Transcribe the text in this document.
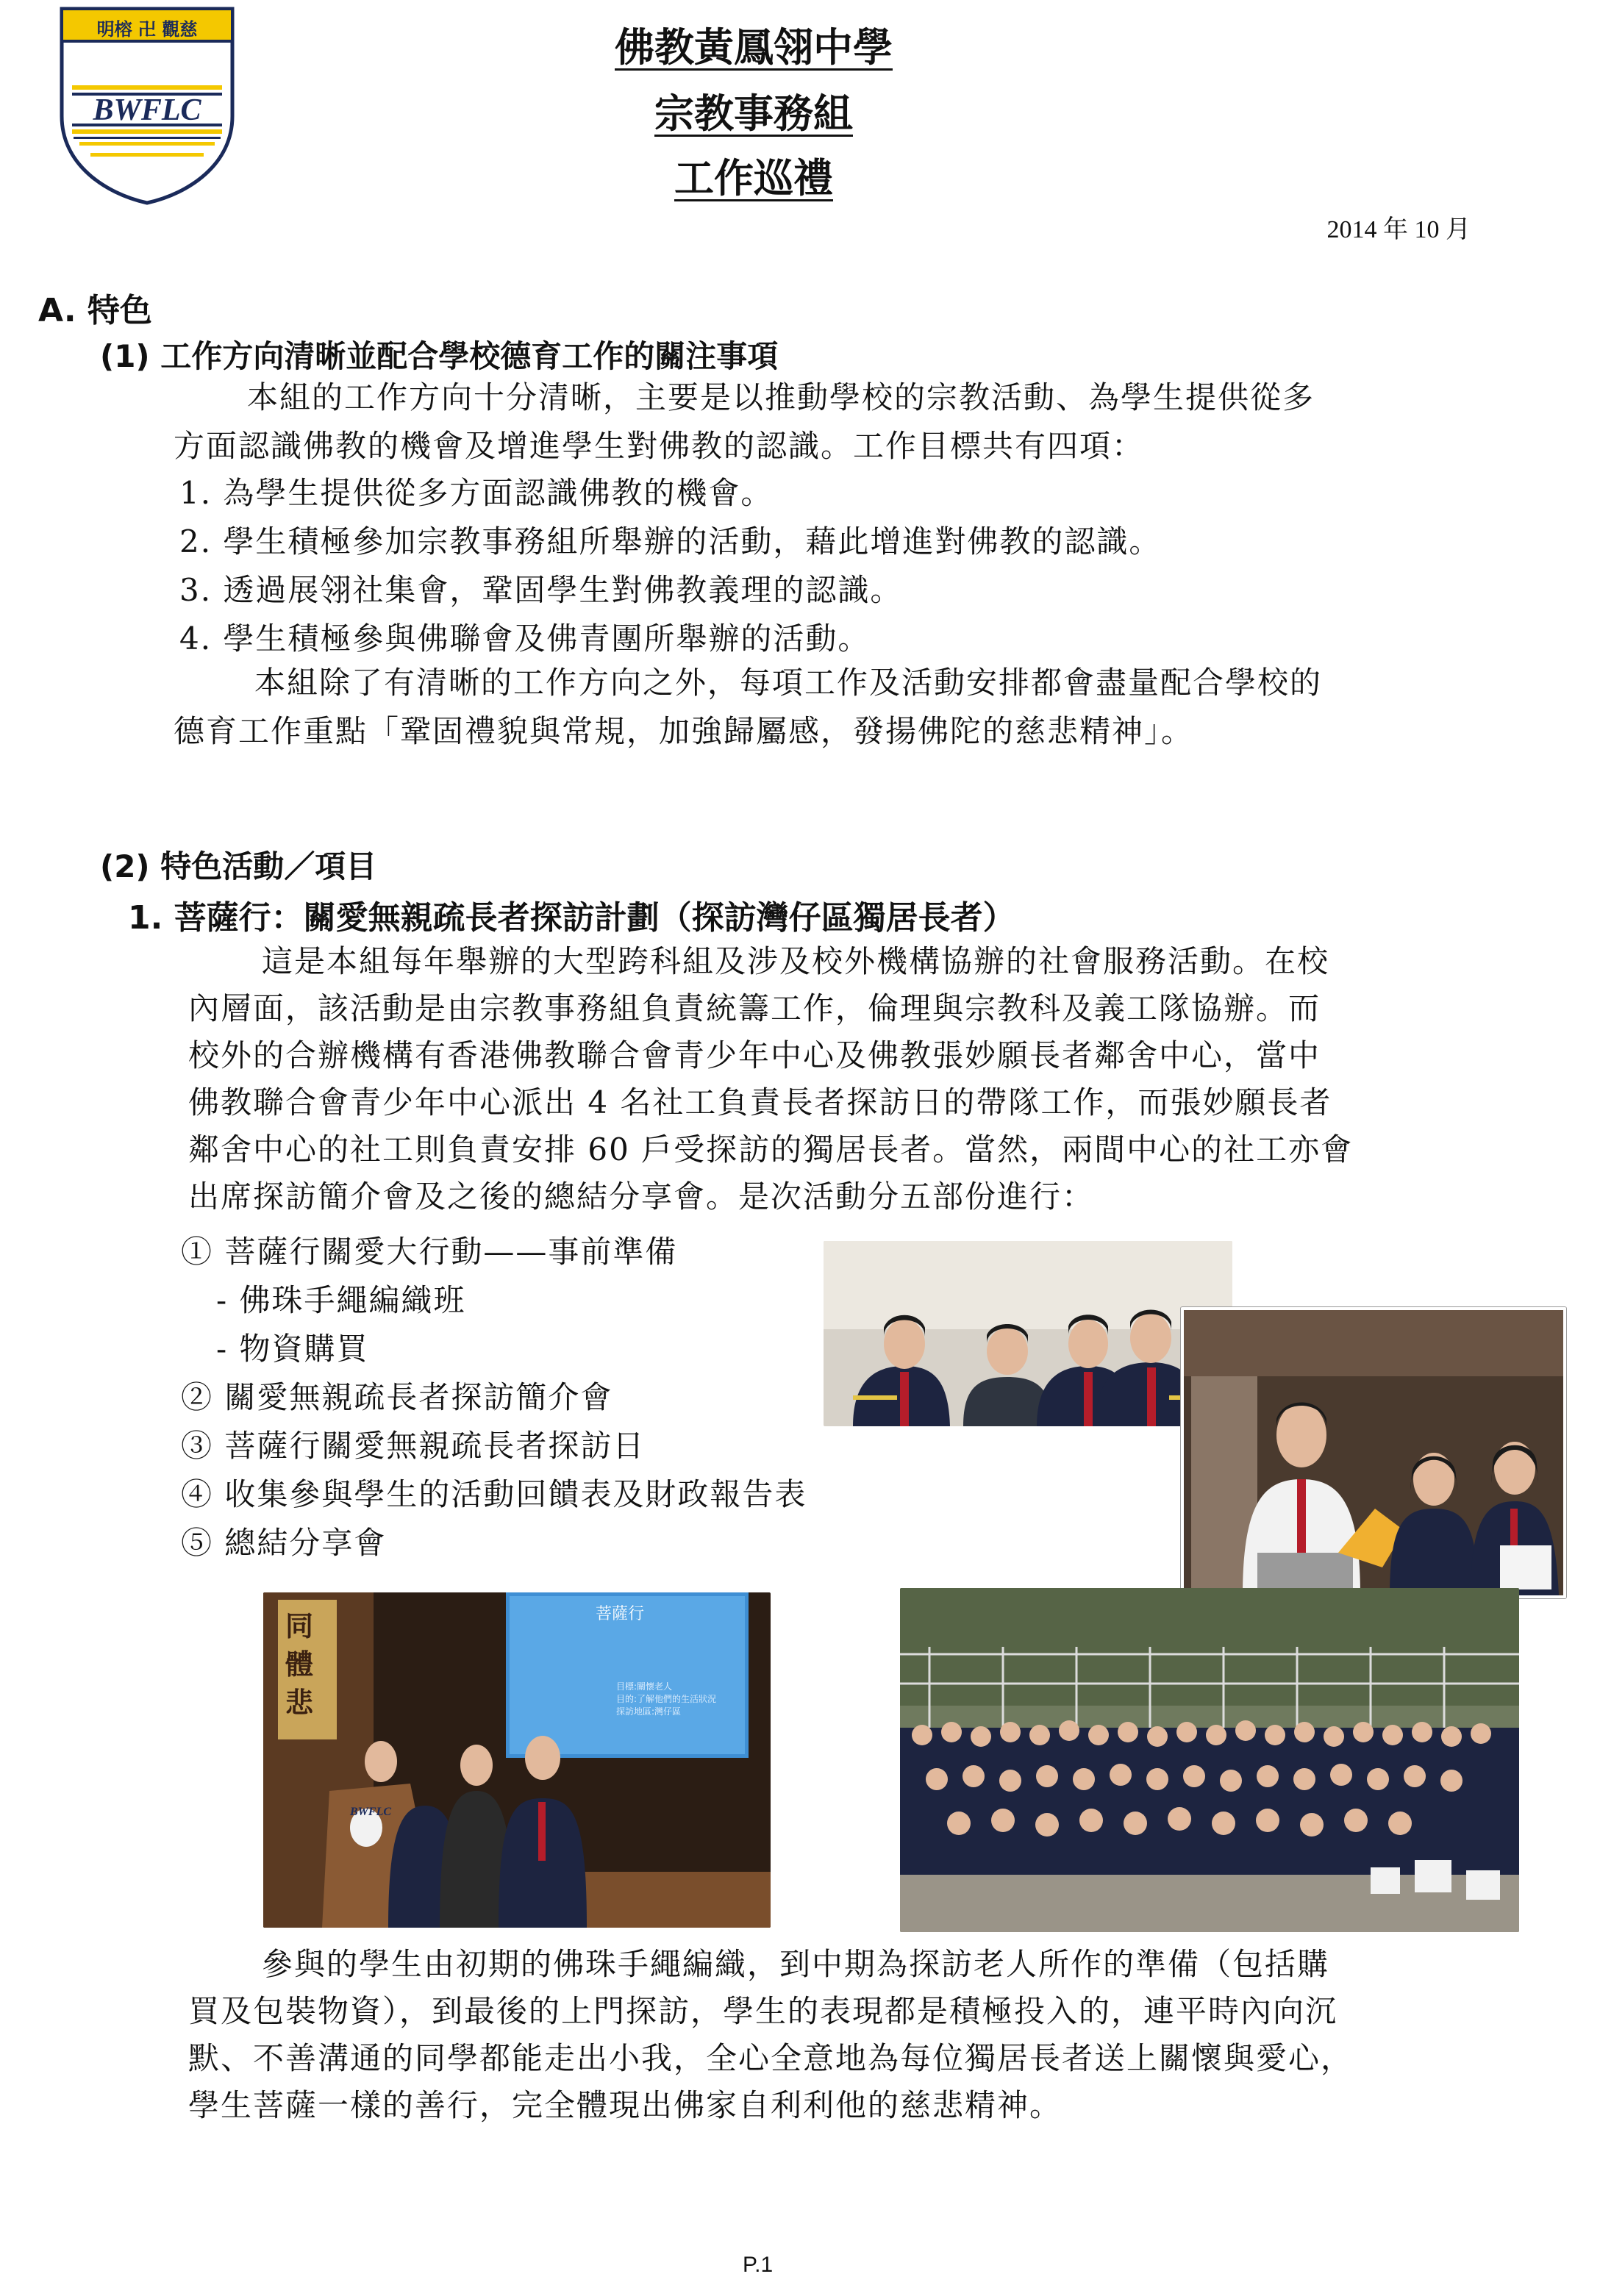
明榕 卍 觀慈
BWFLC
佛教黃鳳翎中學
宗教事務組
工作巡禮
2014 年 10 月
A. 特色
(1) 工作方向清晰並配合學校德育工作的關注事項
本組的工作方向十分清晰，主要是以推動學校的宗教活動、為學生提供從多
方面認識佛教的機會及增進學生對佛教的認識。工作目標共有四項：
1. 為學生提供從多方面認識佛教的機會。
2. 學生積極參加宗教事務組所舉辦的活動，藉此增進對佛教的認識。
3. 透過展翎社集會，鞏固學生對佛教義理的認識。
4. 學生積極參與佛聯會及佛青團所舉辦的活動。
本組除了有清晰的工作方向之外，每項工作及活動安排都會盡量配合學校的
德育工作重點「鞏固禮貌與常規，加強歸屬感，發揚佛陀的慈悲精神」。
(2) 特色活動／項目
1. 菩薩行：關愛無親疏長者探訪計劃（探訪灣仔區獨居長者）
這是本組每年舉辦的大型跨科組及涉及校外機構協辦的社會服務活動。在校
內層面，該活動是由宗教事務組負責統籌工作，倫理與宗教科及義工隊協辦。而
校外的合辦機構有香港佛教聯合會青少年中心及佛教張妙願長者鄰舍中心，當中
佛教聯合會青少年中心派出 4 名社工負責長者探訪日的帶隊工作，而張妙願長者
鄰舍中心的社工則負責安排 60 戶受探訪的獨居長者。當然，兩間中心的社工亦會
出席探訪簡介會及之後的總結分享會。是次活動分五部份進行：
① 菩薩行關愛大行動——事前準備
- 佛珠手繩編織班
- 物資購買
② 關愛無親疏長者探訪簡介會
③ 菩薩行關愛無親疏長者探訪日
④ 收集參與學生的活動回饋表及財政報告表
⑤ 總結分享會
同體悲
菩薩行
目標:關懷老人
目的:了解他們的生活狀況
探訪地區:灣仔區
BWFLC
參與的學生由初期的佛珠手繩編織，到中期為探訪老人所作的準備（包括購
買及包裝物資），到最後的上門探訪，學生的表現都是積極投入的，連平時內向沉
默、不善溝通的同學都能走出小我，全心全意地為每位獨居長者送上關懷與愛心，
學生菩薩一樣的善行，完全體現出佛家自利利他的慈悲精神。
P.1
